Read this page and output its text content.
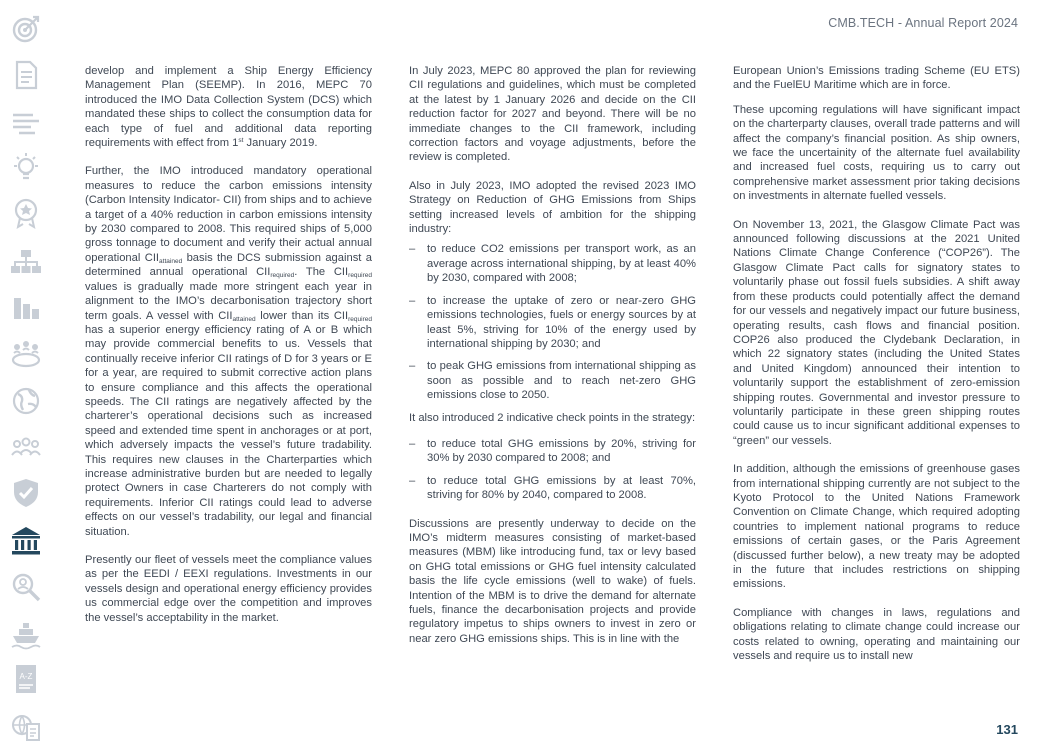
A-Z
CMB.TECH - Annual Report 2024

develop and implement a Ship Energy Efficiency Management Plan (SEEMP). In 2016, MEPC 70 introduced the IMO Data Collection System (DCS) which mandated these ships to collect the consumption data for each type of fuel and additional data reporting requirements with effect from 1st January 2019.

Further, the IMO introduced mandatory operational measures to reduce the carbon emissions intensity (Carbon Intensity Indicator- CII) from ships and to achieve a target of a 40% reduction in carbon emissions intensity by 2030 compared to 2008. This required ships of 5,000 gross tonnage to document and verify their actual annual operational $CII_{attained}$ basis the DCS submission against a determined annual operational $CII_{required}$. The $CII_{required}$ values is gradually made more stringent each year in alignment to the IMO’s decarbonisation trajectory short term goals. A vessel with $CII_{attained}$ lower than its $CII_{required}$ has a superior energy efficiency rating of A or B which may provide commercial benefits to us. Vessels that continually receive inferior CII ratings of D for 3 years or E for a year, are required to submit corrective action plans to ensure compliance and this affects the operational speeds. The CII ratings are negatively affected by the charterer’s operational decisions such as increased speed and extended time spent in anchorages or at port, which adversely impacts the vessel’s future tradability. This requires new clauses in the Charterparties which increase administrative burden but are needed to legally protect Owners in case Charterers do not comply with requirements. Inferior CII ratings could lead to adverse effects on our vessel’s tradability, our legal and financial situation.

Presently our fleet of vessels meet the compliance values as per the EEDI / EEXI regulations. Investments in our vessels design and operational energy efficiency provides us commercial edge over the competition and improves the vessel’s acceptability in the market.

In July 2023, MEPC 80 approved the plan for reviewing CII regulations and guidelines, which must be completed at the latest by 1 January 2026 and decide on the CII reduction factor for 2027 and beyond. There will be no immediate changes to the CII framework, including correction factors and voyage adjustments, before the review is completed.

Also in July 2023, IMO adopted the revised 2023 IMO Strategy on Reduction of GHG Emissions from Ships setting increased levels of ambition for the shipping industry:

– to reduce CO2 emissions per transport work, as an average across international shipping, by at least 40% by 2030, compared with 2008;
– to increase the uptake of zero or near-zero GHG emissions technologies, fuels or energy sources by at least 5%, striving for 10% of the energy used by international shipping by 2030; and
– to peak GHG emissions from international shipping as soon as possible and to reach net-zero GHG emissions close to 2050.

It also introduced 2 indicative check points in the strategy:

– to reduce total GHG emissions by 20%, striving for 30% by 2030 compared to 2008; and
– to reduce total GHG emissions by at least 70%, striving for 80% by 2040, compared to 2008.

Discussions are presently underway to decide on the IMO’s midterm measures consisting of market-based measures (MBM) like introducing fund, tax or levy based on GHG total emissions or GHG fuel intensity calculated basis the life cycle emissions (well to wake) of fuels. Intention of the MBM is to drive the demand for alternate fuels, finance the decarbonisation projects and provide regulatory impetus to ships owners to invest in zero or near zero GHG emissions ships. This is in line with the

European Union’s Emissions trading Scheme (EU ETS) and the FuelEU Maritime which are in force.

These upcoming regulations will have significant impact on the charterparty clauses, overall trade patterns and will affect the company’s financial position. As ship owners, we face the uncertainity of the alternate fuel availability and increased fuel costs, requiring us to carry out comprehensive market assessment prior taking decisions on investments in alternate fuelled vessels.

On November 13, 2021, the Glasgow Climate Pact was announced following discussions at the 2021 United Nations Climate Change Conference (“COP26”). The Glasgow Climate Pact calls for signatory states to voluntarily phase out fossil fuels subsidies. A shift away from these products could potentially affect the demand for our vessels and negatively impact our future business, operating results, cash flows and financial position. COP26 also produced the Clydebank Declaration, in which 22 signatory states (including the United States and United Kingdom) announced their intention to voluntarily support the establishment of zero-emission shipping routes. Governmental and investor pressure to voluntarily participate in these green shipping routes could cause us to incur significant additional expenses to “green” our vessels.

In addition, although the emissions of greenhouse gases from international shipping currently are not subject to the Kyoto Protocol to the United Nations Framework Convention on Climate Change, which required adopting countries to implement national programs to reduce emissions of certain gases, or the Paris Agreement (discussed further below), a new treaty may be adopted in the future that includes restrictions on shipping emissions.

Compliance with changes in laws, regulations and obligations relating to climate change could increase our costs related to owning, operating and maintaining our vessels and require us to install new

131
